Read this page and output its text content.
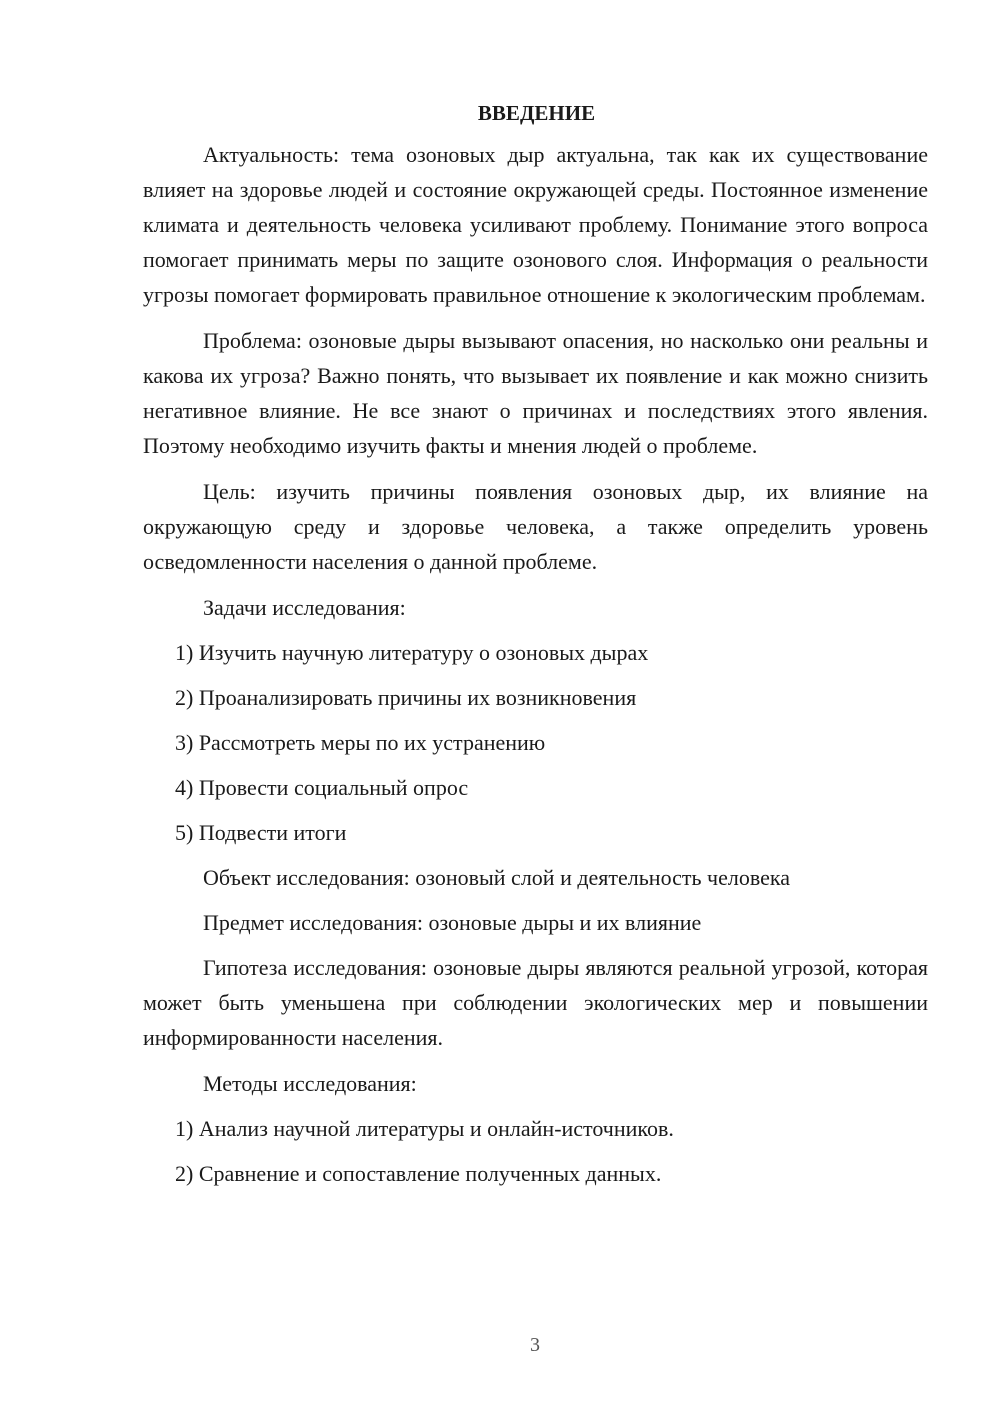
ВВЕДЕНИЕ

Актуальность: тема озоновых дыр актуальна, так как их существование влияет на здоровье людей и состояние окружающей среды. Постоянное изменение климата и деятельность человека усиливают проблему. Понимание этого вопроса помогает принимать меры по защите озонового слоя. Информация о реальности угрозы помогает формировать правильное отношение к экологическим проблемам.

Проблема: озоновые дыры вызывают опасения, но насколько они реальны и какова их угроза? Важно понять, что вызывает их появление и как можно снизить негативное влияние. Не все знают о причинах и последствиях этого явления. Поэтому необходимо изучить факты и мнения людей о проблеме.

Цель: изучить причины появления озоновых дыр, их влияние на окружающую среду и здоровье человека, а также определить уровень осведомленности населения о данной проблеме.

Задачи исследования:
1) Изучить научную литературу о озоновых дырах
2) Проанализировать причины их возникновения
3) Рассмотреть меры по их устранению
4) Провести социальный опрос
5) Подвести итоги
Объект исследования: озоновый слой и деятельность человека
Предмет исследования: озоновые дыры и их влияние

Гипотеза исследования: озоновые дыры являются реальной угрозой, которая может быть уменьшена при соблюдении экологических мер и повышении информированности населения.

Методы исследования:
1) Анализ научной литературы и онлайн-источников.
2) Сравнение и сопоставление полученных данных.
3
